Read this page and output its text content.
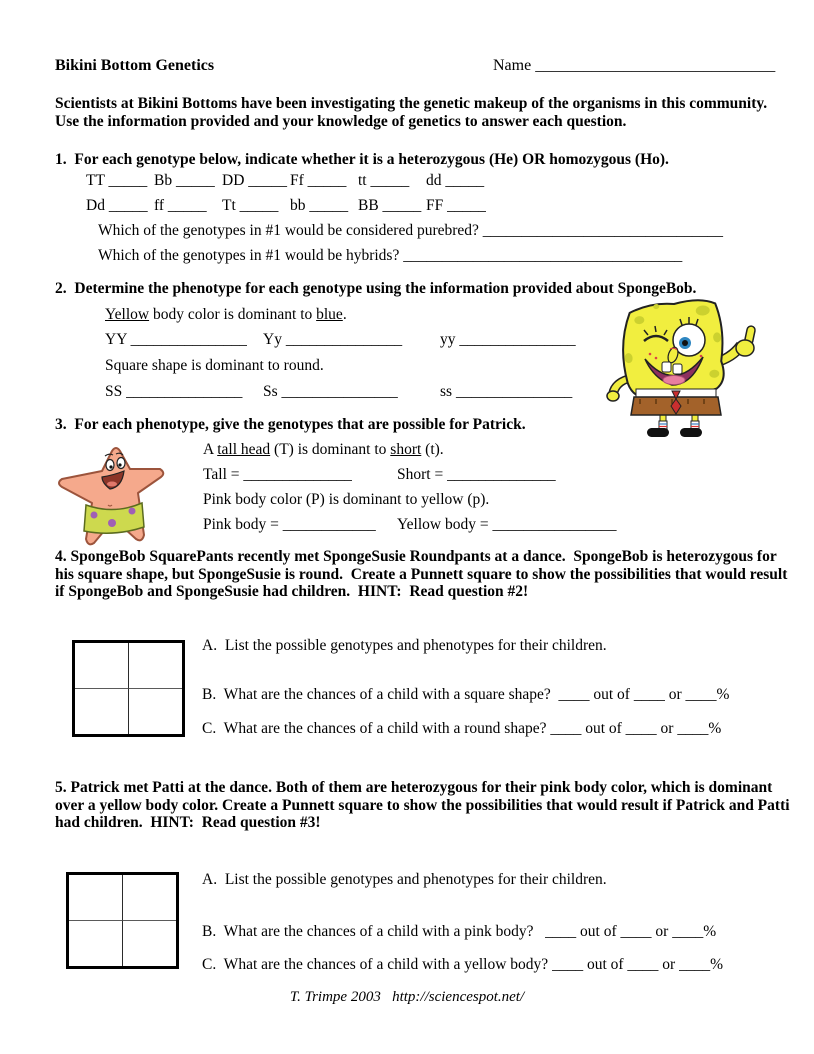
Bikini Bottom Genetics	Name ______________________________
Scientists at Bikini Bottoms have been investigating the genetic makeup of the organisms in this community.
Use the information provided and your knowledge of genetics to answer each question.
1.  For each genotype below, indicate whether it is a heterozygous (He) OR homozygous (Ho).
TT _____ Bb _____ DD _____ Ff _____ tt _____ dd _____
Dd _____ ff _____ Tt _____ bb _____ BB _____ FF _____
Which of the genotypes in #1 would be considered purebred? _______________________________
Which of the genotypes in #1 would be hybrids? ____________________________________
2.  Determine the phenotype for each genotype using the information provided about SpongeBob.
Yellow body color is dominant to blue.
YY _______________ Yy _______________ yy _______________
Square shape is dominant to round.
SS _______________ Ss _______________	ss _______________
3.  For each phenotype, give the genotypes that are possible for Patrick.
A tall head (T) is dominant to short (t).
Tall = ______________	Short = ______________
Pink body color (P) is dominant to yellow (p).
Pink body = ____________ Yellow body = ________________
4. SpongeBob SquarePants recently met SpongeSusie Roundpants at a dance.  SpongeBob is heterozygous for
his square shape, but SpongeSusie is round.  Create a Punnett square to show the possibilities that would result
if SpongeBob and SpongeSusie had children.  HINT:  Read question #2!
A.  List the possible genotypes and phenotypes for their children.
B.  What are the chances of a child with a square shape?  ____ out of ____ or ____%
C.  What are the chances of a child with a round shape? ____ out of ____ or ____%
5. Patrick met Patti at the dance. Both of them are heterozygous for their pink body color, which is dominant
over a yellow body color. Create a Punnett square to show the possibilities that would result if Patrick and Patti
had children.  HINT:  Read question #3!
A.  List the possible genotypes and phenotypes for their children.
B.  What are the chances of a child with a pink body?   ____ out of ____ or ____%
C.  What are the chances of a child with a yellow body? ____ out of ____ or ____%
T. Trimpe 2003   http://sciencespot.net/
